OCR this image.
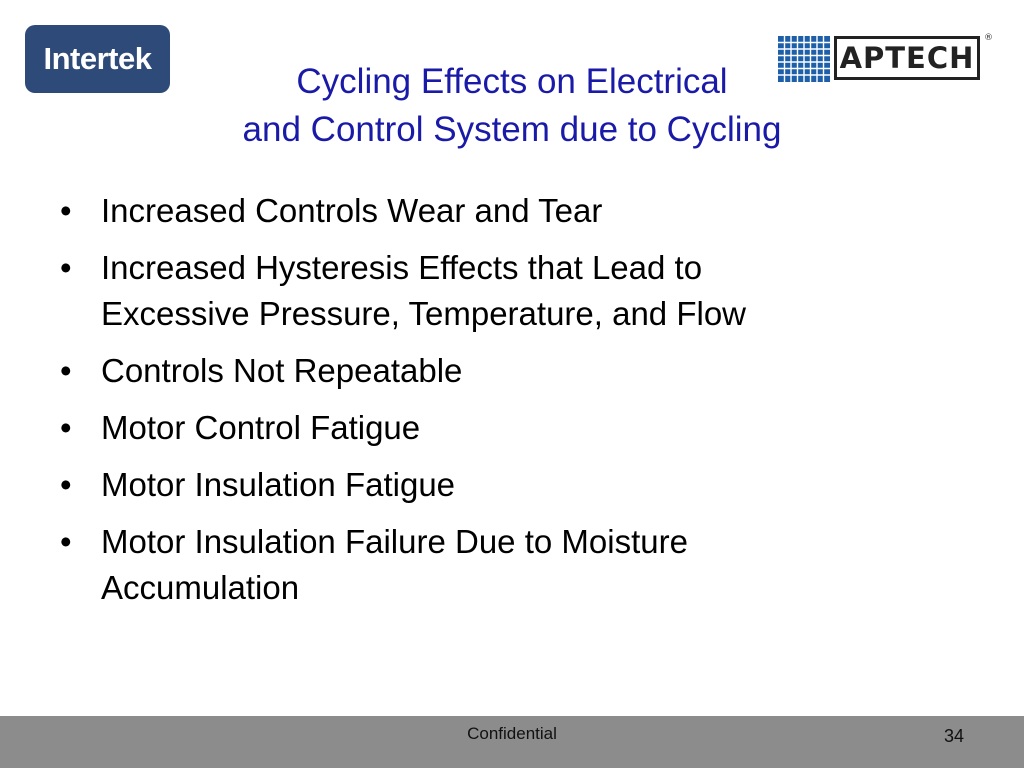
Intertek	APTECH
®
Cycling Effects on Electrical
and Control System due to Cycling
• Increased Controls Wear and Tear
• Increased Hysteresis Effects that Lead to
Excessive Pressure, Temperature, and Flow
• Controls Not Repeatable
• Motor Control Fatigue
• Motor Insulation Fatigue
• Motor Insulation Failure Due to Moisture
Accumulation
Confidential	34
